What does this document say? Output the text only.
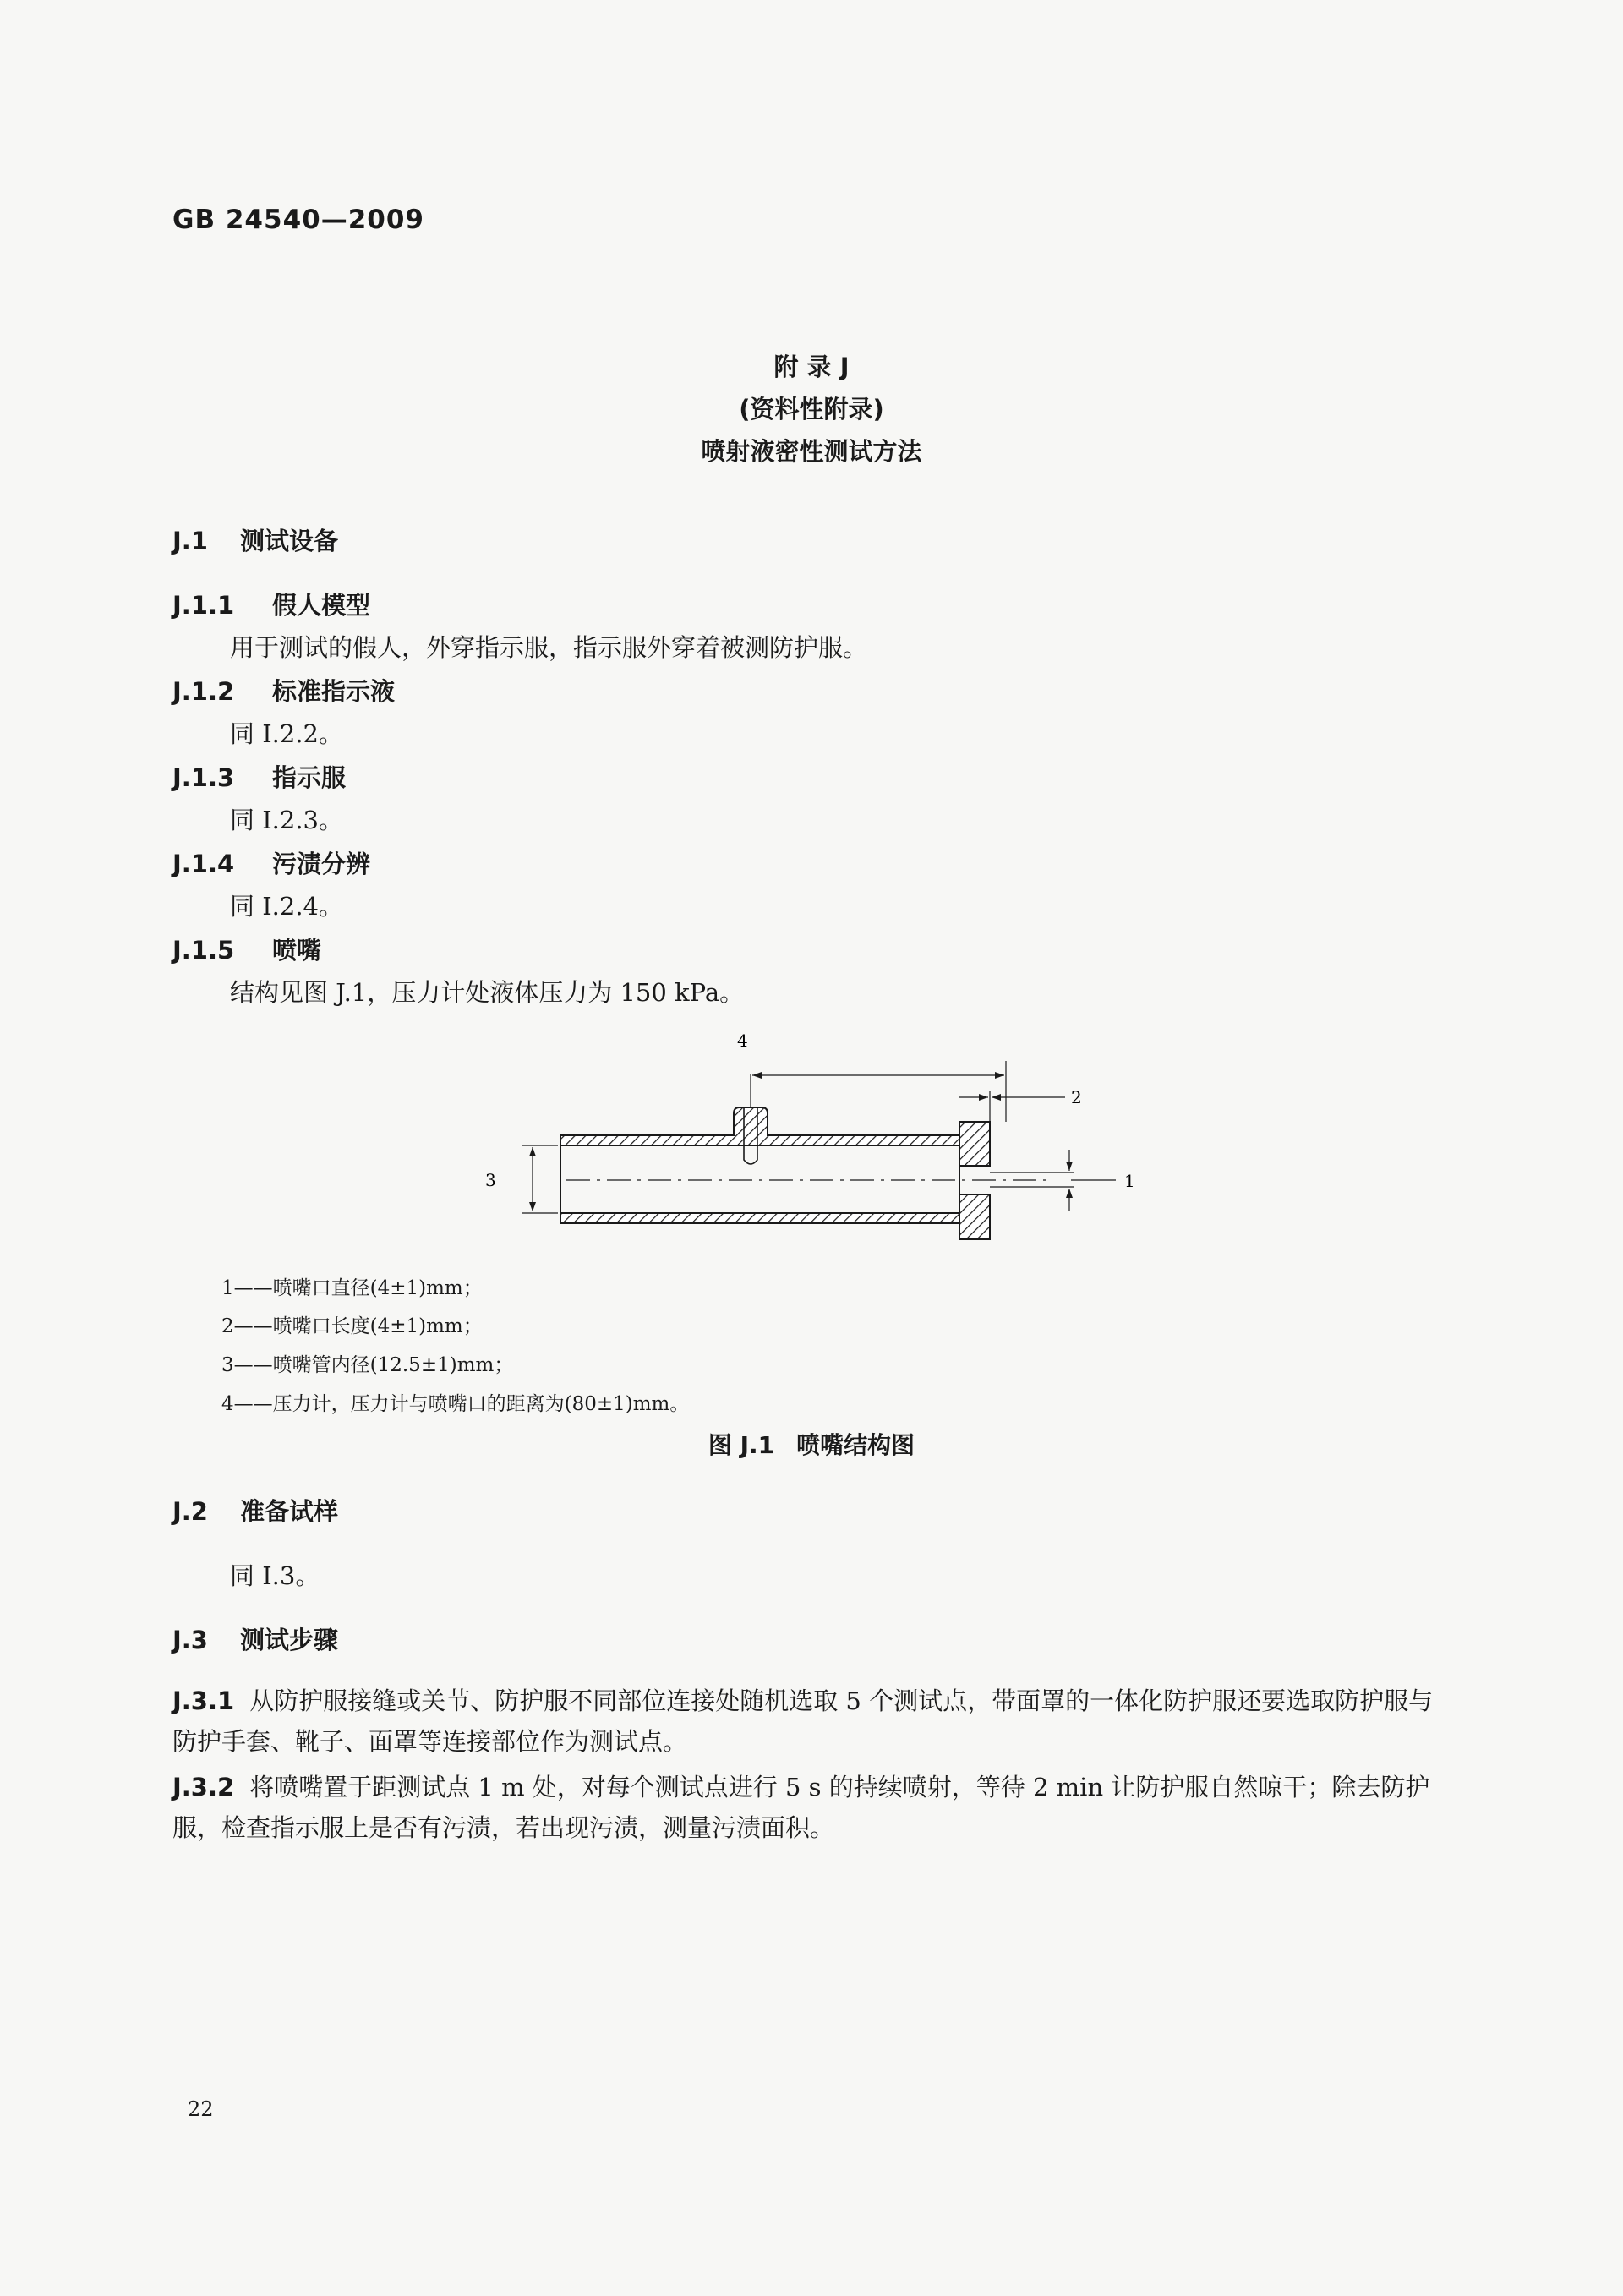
GB 24540—2009
附 录 J
(资料性附录)
喷射液密性测试方法
J.1 测试设备
J.1.1 假人模型
用于测试的假人，外穿指示服，指示服外穿着被测防护服。
J.1.2 标准指示液
同 I.2.2。
J.1.3 指示服
同 I.2.3。
J.1.4 污渍分辨
同 I.2.4。
J.1.5 喷嘴
结构见图 J.1，压力计处液体压力为 150 kPa。
4
2
3	1
1——喷嘴口直径(4±1)mm；
2——喷嘴口长度(4±1)mm；
3——喷嘴管内径(12.5±1)mm；
4——压力计，压力计与喷嘴口的距离为(80±1)mm。
图 J.1 喷嘴结构图
J.2 准备试样
同 I.3。
J.3 测试步骤
J.3.1 从防护服接缝或关节、防护服不同部位连接处随机选取 5 个测试点，带面罩的一体化防护服还要选取防护服与防护手套、靴子、面罩等连接部位作为测试点。
J.3.2 将喷嘴置于距测试点 1 m 处，对每个测试点进行 5 s 的持续喷射，等待 2 min 让防护服自然晾干；除去防护服，检查指示服上是否有污渍，若出现污渍，测量污渍面积。
22
